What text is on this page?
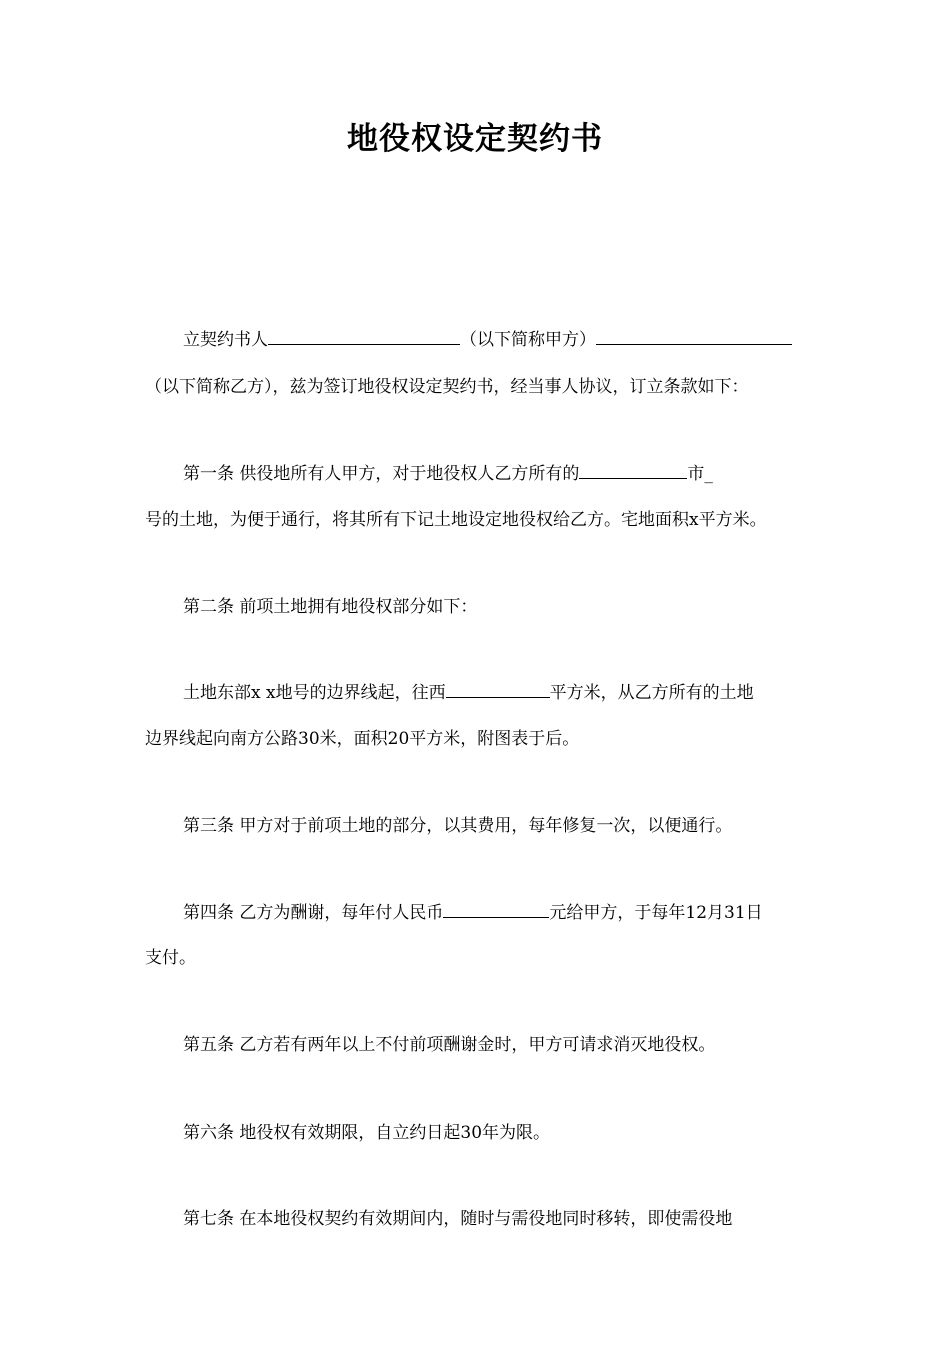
地役权设定契约书
立契约书人	（以下简称甲方）
（以下简称乙方），兹为签订地役权设定契约书，经当事人协议，订立条款如下：
第一条 供役地所有人甲方，对于地役权人乙方所有的	市_
号的土地，为便于通行，将其所有下记土地设定地役权给乙方。宅地面积x平方米。
第二条 前项土地拥有地役权部分如下：
土地东部x x地号的边界线起，往西	平方米，从乙方所有的土地
边界线起向南方公路30米，面积20平方米，附图表于后。
第三条 甲方对于前项土地的部分，以其费用，每年修复一次，以便通行。
第四条 乙方为酬谢，每年付人民币	元给甲方，于每年12月31日
支付。
第五条 乙方若有两年以上不付前项酬谢金时，甲方可请求消灭地役权。
第六条 地役权有效期限，自立约日起30年为限。
第七条 在本地役权契约有效期间内，随时与需役地同时移转，即使需役地
